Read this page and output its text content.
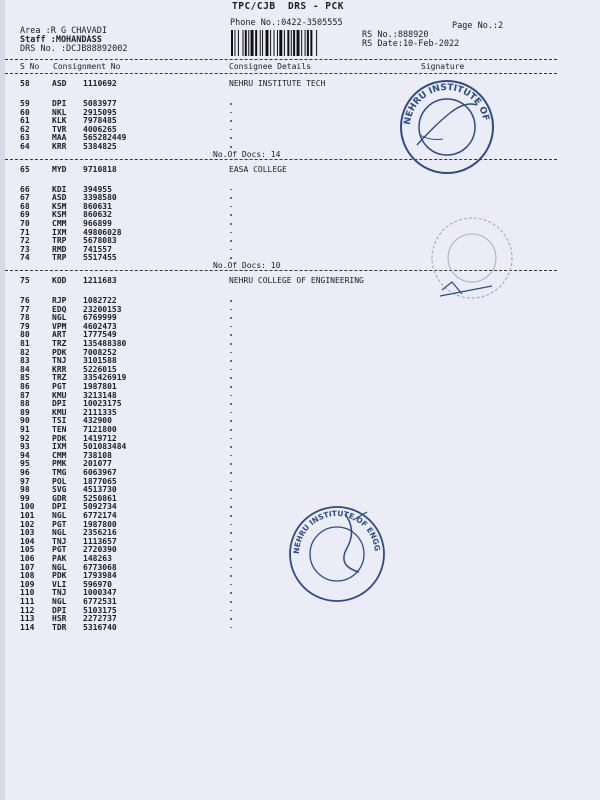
TPC/CJB  DRS - PCK
Phone No.:0422-3505555	Page No.:2
Area :R G CHAVADI
Staff :MOHANDASS
DRS No. :DCJB88892002
RS No.:888920
RS Date:10-Feb-2022
S No Consignment No	Consignee Details	Signature
58	ASD 1110692	NEHRU INSTITUTE TECH
59	DPI 5083977
60	NKL 2915095
61	KLK 7978485
62	TVR 4006265
63	MAA 565282449
64	KRR 5384825
No.Of Docs: 14
65	MYD 9710818	EASA COLLEGE
66	KDI 394955
67	ASD 3398580
68	KSM 860631
69	KSM 860632
70	CMM 966899
71	IXM 49806028
72	TRP 5678083
73	RMD 741557
74	TRP 5517455
No.Of Docs: 10
75	KOD 1211683	NEHRU COLLEGE OF ENGINEERING
76	RJP 1082722
77	EDQ 23200153
78	NGL 6769999
79	VPM 4602473
80	ART 1777549
81	TRZ 135488380
82	PDK 7008252
83	TNJ 3101588
84	KRR 5226015
85	TRZ 335426919
86	PGT 1987801
87	KMU 3213148
88	DPI 10023175
89	KMU 2111335
90	TSI 432900
91	TEN 7121800
92	PDK 1419712
93	IXM 501083484
94	CMM 738108
95	PMK 201077
96	TMG 6063967
97	POL 1877065
98	SVG 4513730
99	GDR 5250861
100 DPI 5092734
101 NGL 6772174
102 PGT 1987800
103 NGL 2356216
104 TNJ 1113657
105 PGT 2720390
106 PAK 148263
107 NGL 6773068
108 PDK 1793984
109 VLI 596970
110 TNJ 1000347
111 NGL 6772531
112 DPI 5103175
113 HSR 2272737
114 TDR 5316740
NEHRU INSTITUTE OF TECHNOLOGY
NEHRU INSTITUTE OF ENGG & TECHNOLOGY
